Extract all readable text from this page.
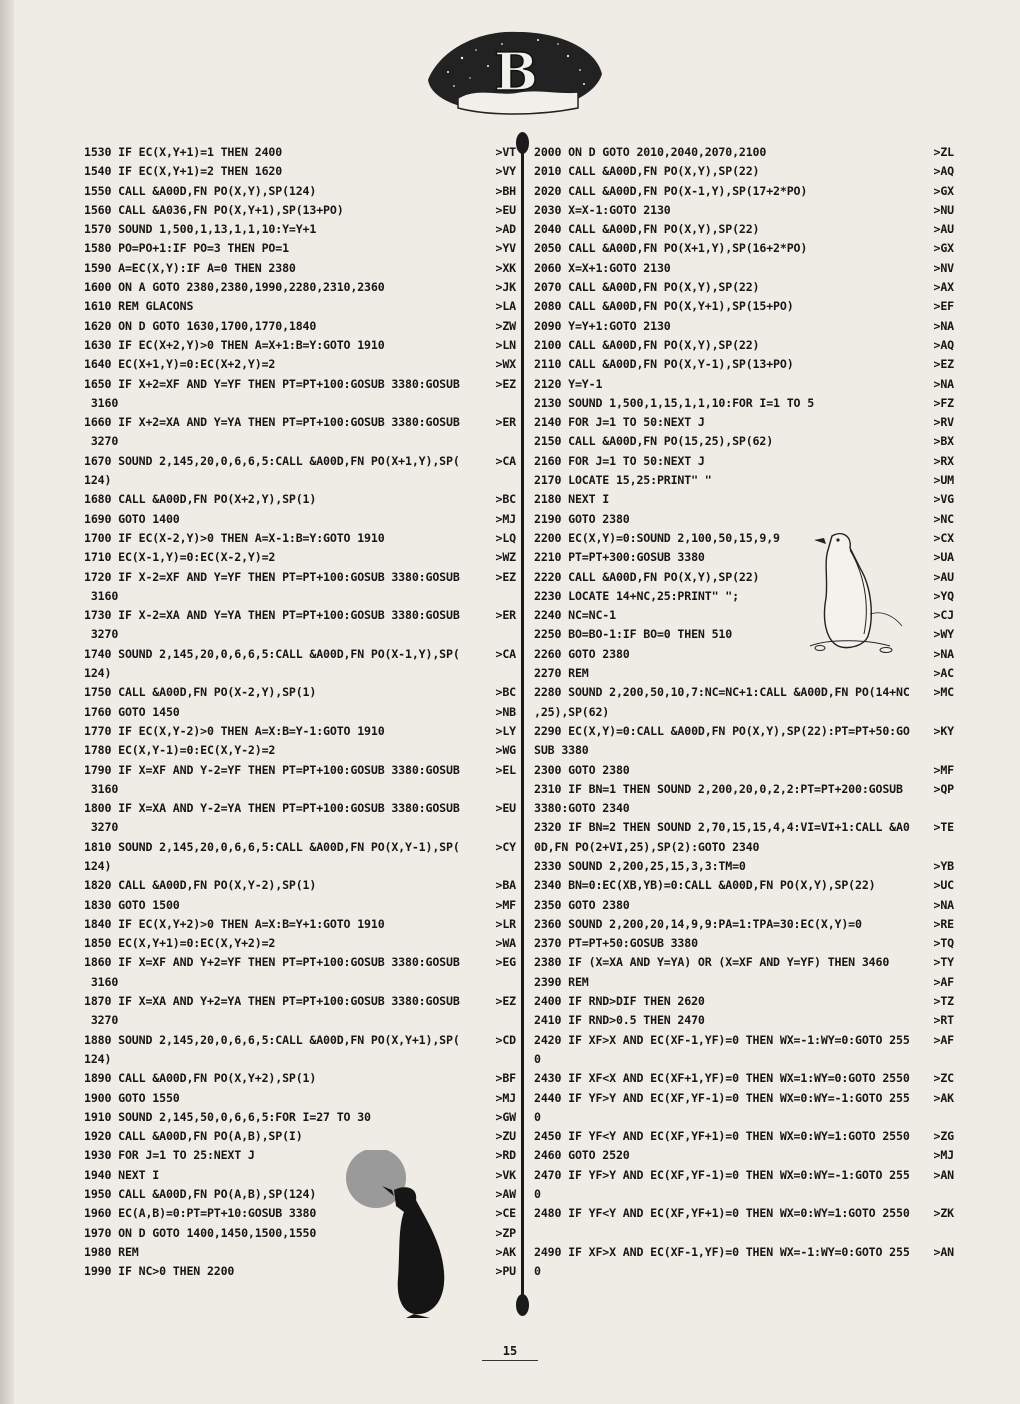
B
1530 IF EC(X,Y+1)=1 THEN 2400	>VT
1540 IF EC(X,Y+1)=2 THEN 1620	>VY
1550 CALL &A00D,FN PO(X,Y),SP(124)	>BH
1560 CALL &A036,FN PO(X,Y+1),SP(13+PO)	>EU
1570 SOUND 1,500,1,13,1,1,10:Y=Y+1	>AD
1580 PO=PO+1:IF PO=3 THEN PO=1	>YV
1590 A=EC(X,Y):IF A=0 THEN 2380	>XK
1600 ON A GOTO 2380,2380,1990,2280,2310,2360	>JK
1610 REM GLACONS	>LA
1620 ON D GOTO 1630,1700,1770,1840	>ZW
1630 IF EC(X+2,Y)>0 THEN A=X+1:B=Y:GOTO 1910	>LN
1640 EC(X+1,Y)=0:EC(X+2,Y)=2	>WX
1650 IF X+2=XF AND Y=YF THEN PT=PT+100:GOSUB 3380:GOSUB	>EZ
3160
1660 IF X+2=XA AND Y=YA THEN PT=PT+100:GOSUB 3380:GOSUB	>ER
3270
1670 SOUND 2,145,20,0,6,6,5:CALL &A00D,FN PO(X+1,Y),SP(	>CA
124)
1680 CALL &A00D,FN PO(X+2,Y),SP(1)	>BC
1690 GOTO 1400	>MJ
1700 IF EC(X-2,Y)>0 THEN A=X-1:B=Y:GOTO 1910	>LQ
1710 EC(X-1,Y)=0:EC(X-2,Y)=2	>WZ
1720 IF X-2=XF AND Y=YF THEN PT=PT+100:GOSUB 3380:GOSUB	>EZ
3160
1730 IF X-2=XA AND Y=YA THEN PT=PT+100:GOSUB 3380:GOSUB	>ER
3270
1740 SOUND 2,145,20,0,6,6,5:CALL &A00D,FN PO(X-1,Y),SP(	>CA
124)
1750 CALL &A00D,FN PO(X-2,Y),SP(1)	>BC
1760 GOTO 1450	>NB
1770 IF EC(X,Y-2)>0 THEN A=X:B=Y-1:GOTO 1910	>LY
1780 EC(X,Y-1)=0:EC(X,Y-2)=2	>WG
1790 IF X=XF AND Y-2=YF THEN PT=PT+100:GOSUB 3380:GOSUB	>EL
3160
1800 IF X=XA AND Y-2=YA THEN PT=PT+100:GOSUB 3380:GOSUB	>EU
3270
1810 SOUND 2,145,20,0,6,6,5:CALL &A00D,FN PO(X,Y-1),SP(	>CY
124)
1820 CALL &A00D,FN PO(X,Y-2),SP(1)	>BA
1830 GOTO 1500	>MF
1840 IF EC(X,Y+2)>0 THEN A=X:B=Y+1:GOTO 1910	>LR
1850 EC(X,Y+1)=0:EC(X,Y+2)=2	>WA
1860 IF X=XF AND Y+2=YF THEN PT=PT+100:GOSUB 3380:GOSUB	>EG
3160
1870 IF X=XA AND Y+2=YA THEN PT=PT+100:GOSUB 3380:GOSUB	>EZ
3270
1880 SOUND 2,145,20,0,6,6,5:CALL &A00D,FN PO(X,Y+1),SP(	>CD
124)
1890 CALL &A00D,FN PO(X,Y+2),SP(1)	>BF
1900 GOTO 1550	>MJ
1910 SOUND 2,145,50,0,6,6,5:FOR I=27 TO 30	>GW
1920 CALL &A00D,FN PO(A,B),SP(I)	>ZU
1930 FOR J=1 TO 25:NEXT J	>RD
1940 NEXT I	>VK
1950 CALL &A00D,FN PO(A,B),SP(124)	>AW
1960 EC(A,B)=0:PT=PT+10:GOSUB 3380	>CE
1970 ON D GOTO 1400,1450,1500,1550	>ZP
1980 REM	>AK
1990 IF NC>0 THEN 2200	>PU
2000 ON D GOTO 2010,2040,2070,2100	>ZL
2010 CALL &A00D,FN PO(X,Y),SP(22)	>AQ
2020 CALL &A00D,FN PO(X-1,Y),SP(17+2*PO)	>GX
2030 X=X-1:GOTO 2130	>NU
2040 CALL &A00D,FN PO(X,Y),SP(22)	>AU
2050 CALL &A00D,FN PO(X+1,Y),SP(16+2*PO)	>GX
2060 X=X+1:GOTO 2130	>NV
2070 CALL &A00D,FN PO(X,Y),SP(22)	>AX
2080 CALL &A00D,FN PO(X,Y+1),SP(15+PO)	>EF
2090 Y=Y+1:GOTO 2130	>NA
2100 CALL &A00D,FN PO(X,Y),SP(22)	>AQ
2110 CALL &A00D,FN PO(X,Y-1),SP(13+PO)	>EZ
2120 Y=Y-1	>NA
2130 SOUND 1,500,1,15,1,1,10:FOR I=1 TO 5	>FZ
2140 FOR J=1 TO 50:NEXT J	>RV
2150 CALL &A00D,FN PO(15,25),SP(62)	>BX
2160 FOR J=1 TO 50:NEXT J	>RX
2170 LOCATE 15,25:PRINT" "	>UM
2180 NEXT I	>VG
2190 GOTO 2380	>NC
2200 EC(X,Y)=0:SOUND 2,100,50,15,9,9	>CX
2210 PT=PT+300:GOSUB 3380	>UA
2220 CALL &A00D,FN PO(X,Y),SP(22)	>AU
2230 LOCATE 14+NC,25:PRINT" ";	>YQ
2240 NC=NC-1	>CJ
2250 BO=BO-1:IF BO=0 THEN 510	>WY
2260 GOTO 2380	>NA
2270 REM	>AC
2280 SOUND 2,200,50,10,7:NC=NC+1:CALL &A00D,FN PO(14+NC >MC
,25),SP(62)
2290 EC(X,Y)=0:CALL &A00D,FN PO(X,Y),SP(22):PT=PT+50:GO >KY
SUB 3380
2300 GOTO 2380	>MF
2310 IF BN=1 THEN SOUND 2,200,20,0,2,2:PT=PT+200:GOSUB	>QP
3380:GOTO 2340
2320 IF BN=2 THEN SOUND 2,70,15,15,4,4:VI=VI+1:CALL &A0 >TE
0D,FN PO(2+VI,25),SP(2):GOTO 2340
2330 SOUND 2,200,25,15,3,3:TM=0	>YB
2340 BN=0:EC(XB,YB)=0:CALL &A00D,FN PO(X,Y),SP(22)	>UC
2350 GOTO 2380	>NA
2360 SOUND 2,200,20,14,9,9:PA=1:TPA=30:EC(X,Y)=0	>RE
2370 PT=PT+50:GOSUB 3380	>TQ
2380 IF (X=XA AND Y=YA) OR (X=XF AND Y=YF) THEN 3460	>TY
2390 REM	>AF
2400 IF RND>DIF THEN 2620	>TZ
2410 IF RND>0.5 THEN 2470	>RT
2420 IF XF>X AND EC(XF-1,YF)=0 THEN WX=-1:WY=0:GOTO 255 >AF
0
2430 IF XF<X AND EC(XF+1,YF)=0 THEN WX=1:WY=0:GOTO 2550 >ZC
2440 IF YF>Y AND EC(XF,YF-1)=0 THEN WX=0:WY=-1:GOTO 255 >AK
0
2450 IF YF<Y AND EC(XF,YF+1)=0 THEN WX=0:WY=1:GOTO 2550 >ZG
2460 GOTO 2520	>MJ
2470 IF YF>Y AND EC(XF,YF-1)=0 THEN WX=0:WY=-1:GOTO 255 >AN
0
2480 IF YF<Y AND EC(XF,YF+1)=0 THEN WX=0:WY=1:GOTO 2550 >ZK
2490 IF XF>X AND EC(XF-1,YF)=0 THEN WX=-1:WY=0:GOTO 255 >AN
0
15
